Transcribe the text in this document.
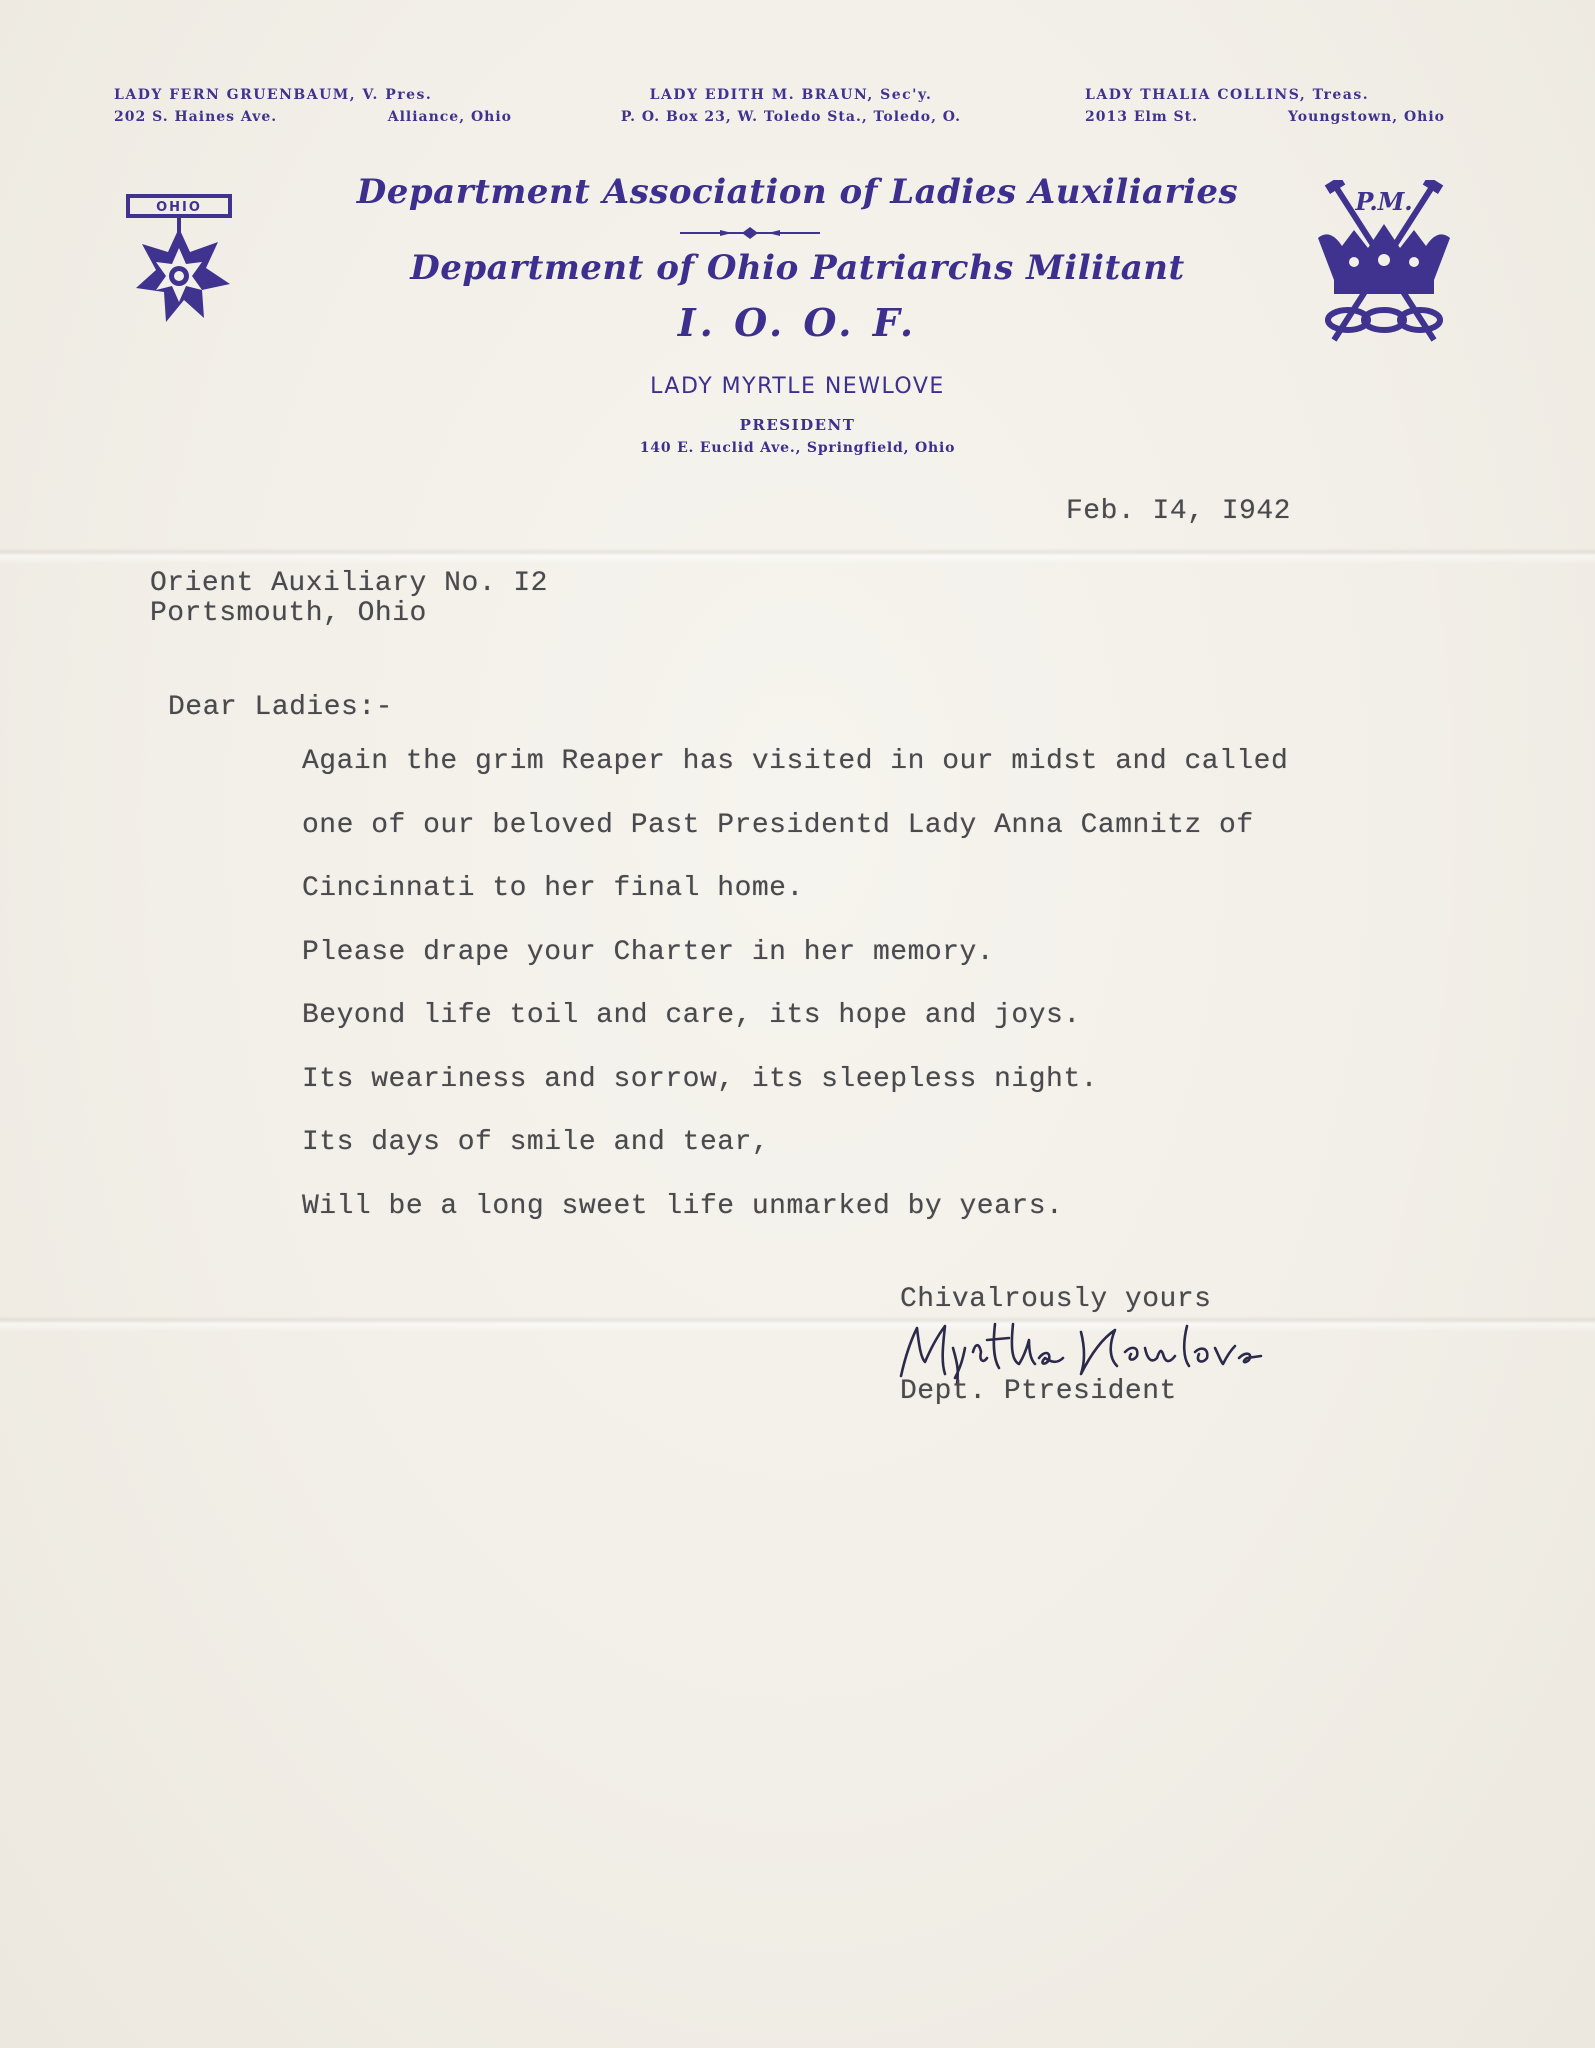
LADY FERN GRUENBAUM, V. Pres.
202 S. Haines Ave.	Alliance, Ohio
LADY EDITH M. BRAUN, Sec'y.
P. O. Box 23, W. Toledo Sta., Toledo, O.
LADY THALIA COLLINS, Treas.
2013 Elm St.	Youngstown, Ohio
OHIO	Department Association of Ladies Auxiliaries
Department of Ohio Patriarchs Militant
I. O. O. F.
LADY MYRTLE NEWLOVE
PRESIDENT
140 E. Euclid Ave., Springfield, Ohio
P.M.
Feb. I4, I942
Orient Auxiliary No. I2
Portsmouth, Ohio
Dear Ladies:-
Again the grim Reaper has visited in our midst and called
one of our beloved Past Presidentd Lady Anna Camnitz of
Cincinnati to her final home.
Please drape your Charter in her memory.
Beyond life toil and care, its hope and joys.
Its weariness and sorrow, its sleepless night.
Its days of smile and tear,
Will be a long sweet life unmarked by years.
Chivalrously yours
Dept. Ptresident
